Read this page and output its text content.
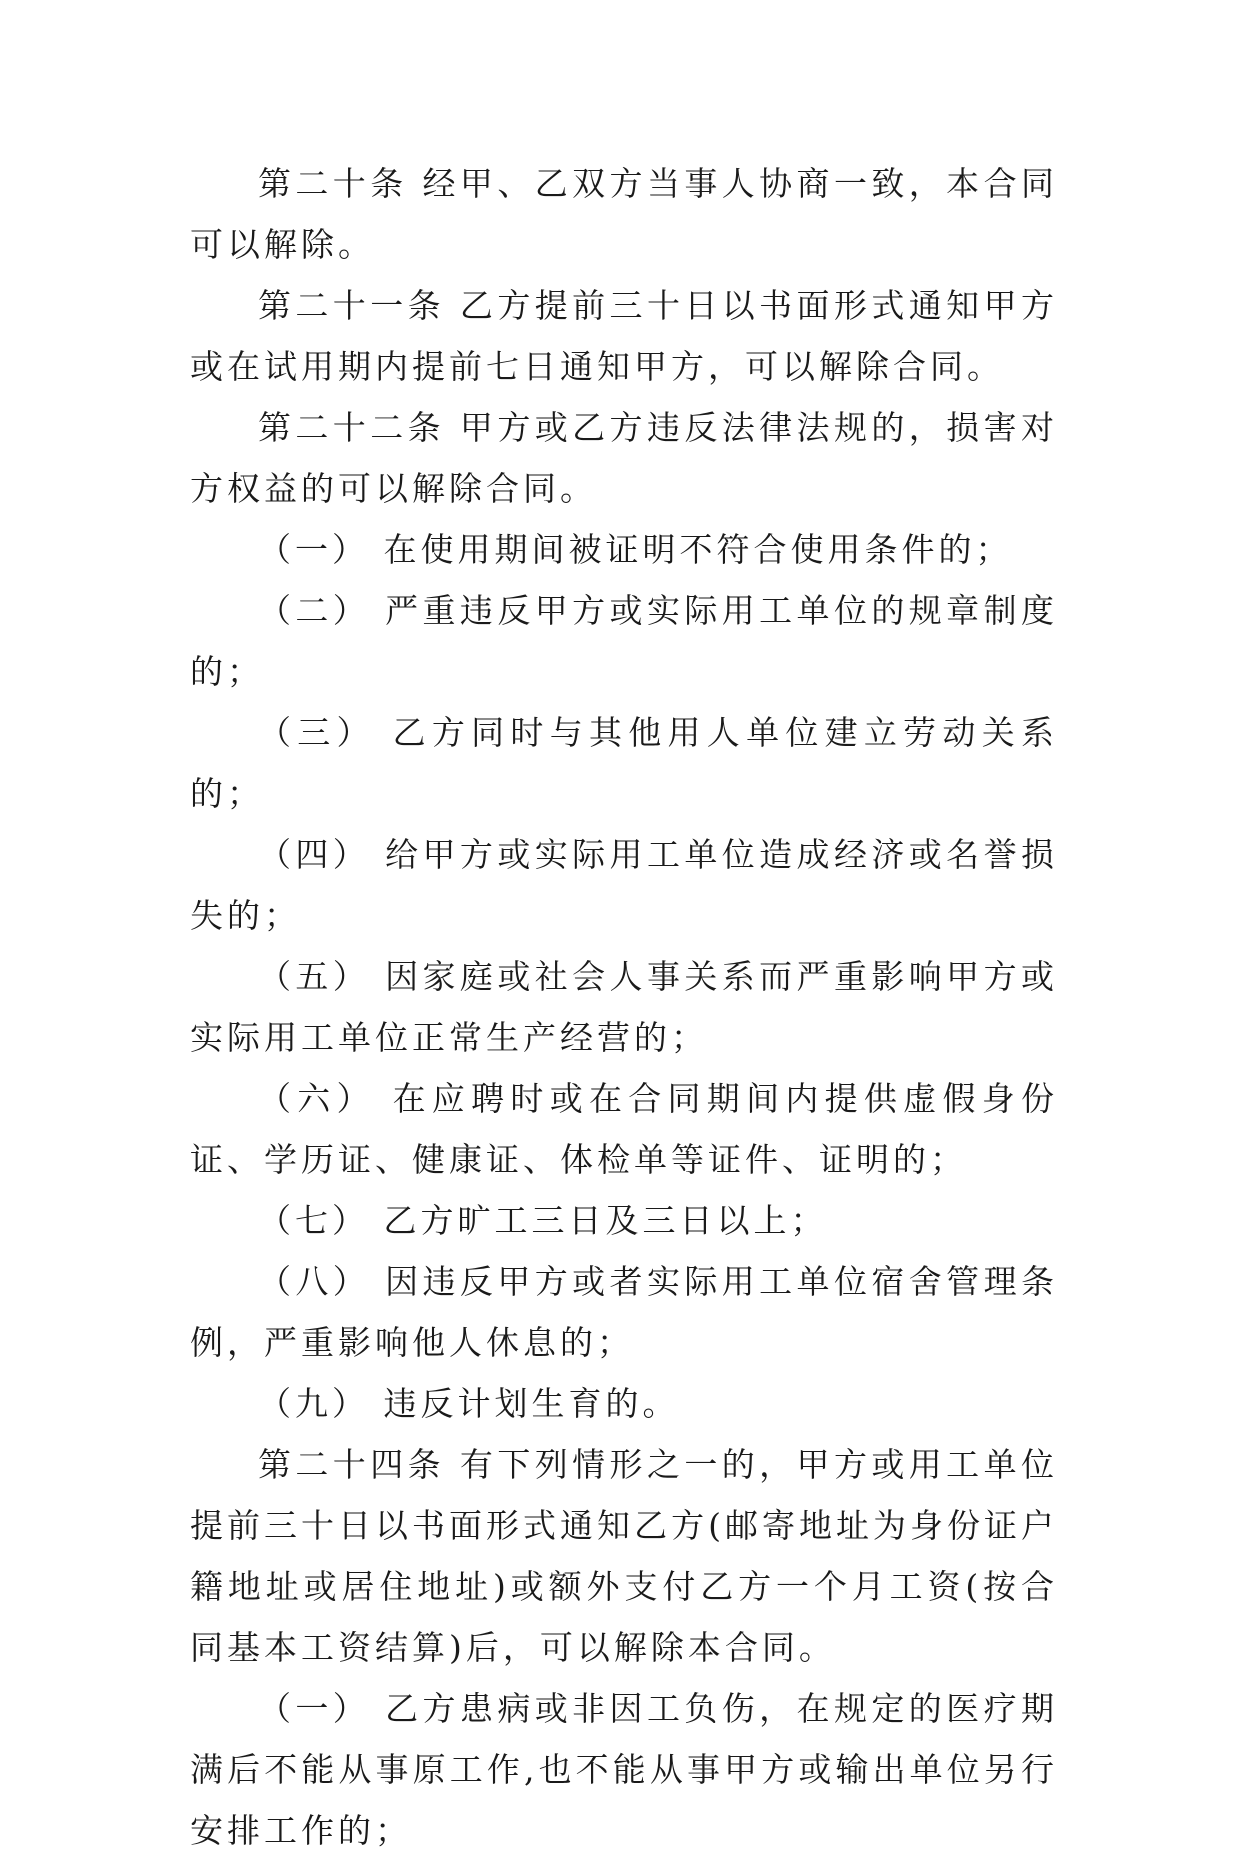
第二十条 经甲、乙双方当事人协商一致，本合同可以解除。

第二十一条 乙方提前三十日以书面形式通知甲方或在试用期内提前七日通知甲方，可以解除合同。

第二十二条 甲方或乙方违反法律法规的，损害对方权益的可以解除合同。

（一） 在使用期间被证明不符合使用条件的；

（二） 严重违反甲方或实际用工单位的规章制度的；

（三） 乙方同时与其他用人单位建立劳动关系的；

（四） 给甲方或实际用工单位造成经济或名誉损失的；

（五） 因家庭或社会人事关系而严重影响甲方或实际用工单位正常生产经营的；

（六） 在应聘时或在合同期间内提供虚假身份证、学历证、健康证、体检单等证件、证明的；

（七） 乙方旷工三日及三日以上；

（八） 因违反甲方或者实际用工单位宿舍管理条例，严重影响他人休息的；

（九） 违反计划生育的。

第二十四条 有下列情形之一的，甲方或用工单位提前三十日以书面形式通知乙方(邮寄地址为身份证户籍地址或居住地址)或额外支付乙方一个月工资(按合同基本工资结算)后，可以解除本合同。

（一） 乙方患病或非因工负伤，在规定的医疗期满后不能从事原工作,也不能从事甲方或输出单位另行安排工作的；
